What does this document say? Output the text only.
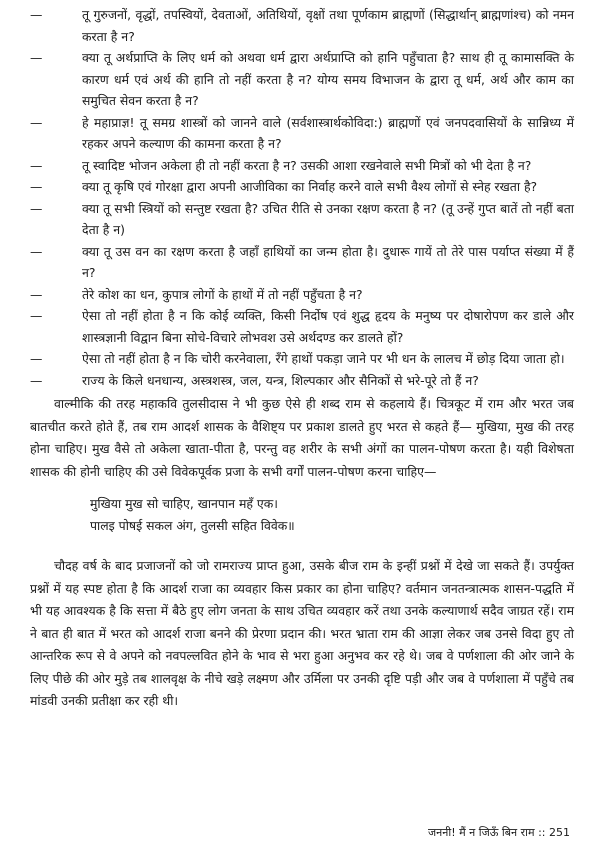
—	तू गुरुजनों, वृद्धों, तपस्वियों, देवताओं, अतिथियों, वृक्षों तथा पूर्णकाम ब्राह्मणों (सिद्धार्थान् ब्राह्मणांश्च) को नमन करता है न?
—	क्या तू अर्थप्राप्ति के लिए धर्म को अथवा धर्म द्वारा अर्थप्राप्ति को हानि पहुँचाता है? साथ ही तू कामासक्ति के कारण धर्म एवं अर्थ की हानि तो नहीं करता है न? योग्य समय विभाजन के द्वारा तू धर्म, अर्थ और काम का समुचित सेवन करता है न?
—	हे महाप्राज्ञ! तू समग्र शास्त्रों को जानने वाले (सर्वशास्त्रार्थकोविदा:) ब्राह्मणों एवं जनपदवासियों के सान्निध्य में रहकर अपने कल्याण की कामना करता है न?
—	तू स्वादिष्ट भोजन अकेला ही तो नहीं करता है न? उसकी आशा रखनेवाले सभी मित्रों को भी देता है न?
—	क्या तू कृषि एवं गोरक्षा द्वारा अपनी आजीविका का निर्वाह करने वाले सभी वैश्य लोगों से स्नेह रखता है?
—	क्या तू सभी स्त्रियों को सन्तुष्ट रखता है? उचित रीति से उनका रक्षण करता है न? (तू उन्हें गुप्त बातें तो नहीं बता देता है न)
—	क्या तू उस वन का रक्षण करता है जहाँ हाथियों का जन्म होता है। दुधारू गायें तो तेरे पास पर्याप्त संख्या में हैं न?
—	तेरे कोश का धन, कुपात्र लोगों के हाथों में तो नहीं पहुँचता है न?
—	ऐसा तो नहीं होता है न कि कोई व्यक्ति, किसी निर्दोष एवं शुद्ध हृदय के मनुष्य पर दोषारोपण कर डाले और शास्त्रज्ञानी विद्वान बिना सोचे-विचारे लोभवश उसे अर्थदण्ड कर डालते हों?
—	ऐसा तो नहीं होता है न कि चोरी करनेवाला, रँगे हाथों पकड़ा जाने पर भी धन के लालच में छोड़ दिया जाता हो।
—	राज्य के किले धनधान्य, अस्त्रशस्त्र, जल, यन्त्र, शिल्पकार और सैनिकों से भरे-पूरे तो हैं न?

वाल्मीकि की तरह महाकवि तुलसीदास ने भी कुछ ऐसे ही शब्द राम से कहलाये हैं। चित्रकूट में राम और भरत जब बातचीत करते होते हैं, तब राम आदर्श शासक के वैशिष्ट्य पर प्रकाश डालते हुए भरत से कहते हैं— मुखिया, मुख की तरह होना चाहिए। मुख वैसे तो अकेला खाता-पीता है, परन्तु वह शरीर के सभी अंगों का पालन-पोषण करता है। यही विशेषता शासक की होनी चाहिए की उसे विवेकपूर्वक प्रजा के सभी वर्गों पालन-पोषण करना चाहिए—

मुखिया मुख सो चाहिए, खानपान महँ एक।
पालइ पोषई सकल अंग, तुलसी सहित विवेक॥

चौदह वर्ष के बाद प्रजाजनों को जो रामराज्य प्राप्त हुआ, उसके बीज राम के इन्हीं प्रश्नों में देखे जा सकते हैं। उपर्युक्त प्रश्नों में यह स्पष्ट होता है कि आदर्श राजा का व्यवहार किस प्रकार का होना चाहिए? वर्तमान जनतन्त्रात्मक शासन-पद्धति में भी यह आवश्यक है कि सत्ता में बैठे हुए लोग जनता के साथ उचित व्यवहार करें तथा उनके कल्याणार्थ सदैव जाग्रत रहें। राम ने बात ही बात में भरत को आदर्श राजा बनने की प्रेरणा प्रदान की। भरत भ्राता राम की आज्ञा लेकर जब उनसे विदा हुए तो आन्तरिक रूप से वे अपने को नवपल्लवित होने के भाव से भरा हुआ अनुभव कर रहे थे। जब वे पर्णशाला की ओर जाने के लिए पीछे की ओर मुड़े तब शालवृक्ष के नीचे खड़े लक्ष्मण और उर्मिला पर उनकी दृष्टि पड़ी और जब वे पर्णशाला में पहुँचे तब मांडवी उनकी प्रतीक्षा कर रही थी।

जननी! मैं न जिऊँ बिन राम :: 251
